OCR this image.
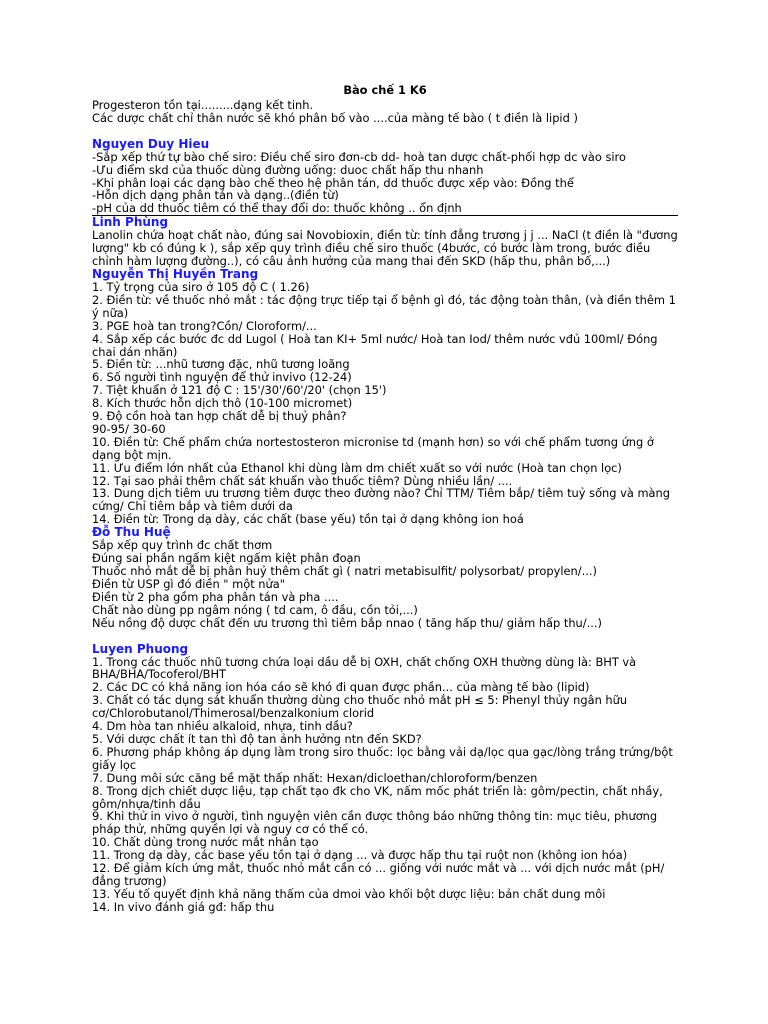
Bào chế 1 K6
Progesteron tồn tại.........dạng kết tinh.
Các dược chất chỉ thân nước sẽ khó phân bố vào ....của màng tế bào ( t điền là lipid )
Nguyen Duy Hieu
-Sắp xếp thứ tự bào chế siro: Điều chế siro đơn-cb dd- hoà tan dược chất-phối hợp dc vào siro
-Ưu điểm skd của thuốc dùng đường uống: duoc chất hấp thu nhanh
-Khi phân loại các dạng bào chế theo hệ phân tán, dd thuốc được xếp vào: Đồng thể
-Hỗn dịch dạng phân tán và dạng..(điền từ)
-pH của dd thuốc tiêm có thể thay đổi do: thuốc không .. ổn định
Linh Phùng
Lanolin chứa hoạt chất nào, đúng sai Novobioxin, điền từ: tính đẳng trương j j ... NaCl (t điền là "đương lượng" kb có đúng k ), sắp xếp quy trình điều chế siro thuốc (4bước, có bước làm trong, bước điều chỉnh hàm lượng đường..), có câu ảnh hưởng của mang thai đến SKD (hấp thu, phân bố,...)
Nguyễn Thị Huyền Trang
1. Tỷ trọng của siro ở 105 độ C ( 1.26)
2. Điền từ: về thuốc nhỏ mắt : tác động trực tiếp tại ổ bệnh gì đó, tác động toàn thân, (và điền thêm 1 ý nữa)
3. PGE hoà tan trong?Cồn/ Cloroform/...
4. Sắp xếp các bước đc dd Lugol ( Hoà tan KI+ 5ml nước/ Hoà tan Iod/ thêm nước vđủ 100ml/ Đóng chai dán nhãn)
5. Điền từ: ...nhũ tương đặc, nhũ tương loãng
6. Số người tình nguyện để thử invivo (12-24)
7. Tiệt khuẩn ở 121 độ C : 15'/30'/60'/20' (chọn 15')
8. Kích thước hỗn dịch thô (10-100 micromet)
9. Độ cồn hoà tan hợp chất dễ bị thuỷ phân?
90-95/ 30-60
10. Điền từ: Chế phẩm chứa nortestosteron micronise td (mạnh hơn) so với chế phẩm tương ứng ở dạng bột mịn.
11. Ưu điểm lớn nhất của Ethanol khi dùng làm dm chiết xuất so với nước (Hoà tan chọn lọc)
12. Tại sao phải thêm chất sát khuẩn vào thuốc tiêm? Dùng nhiều lần/ ....
13. Dung dịch tiêm ưu trương tiêm được theo đường nào? Chỉ TTM/ Tiêm bắp/ tiêm tuỷ sống và màng cứng/ Chỉ tiêm bắp và tiêm dưới da
14. Điền từ: Trong dạ dày, các chất (base yếu) tồn tại ở dạng không ion hoá
Đỗ Thu Huệ
Sắp xếp quy trình đc chất thơm
Đúng sai phần ngấm kiệt ngấm kiệt phân đoạn
Thuốc nhỏ mắt dễ bị phân huỷ thêm chất gì ( natri metabisulfit/ polysorbat/ propylen/...)
Điền từ USP gì đó điền " một nửa"
Điền từ 2 pha gồm pha phân tán và pha ....
Chất nào dùng pp ngâm nóng ( td cam, ô đầu, cồn tỏi,...)
Nếu nồng độ dược chất đến ưu trương thì tiêm bắp nnao ( tăng hấp thu/ giảm hấp thu/...)
Luyen Phuong
1. Trong các thuốc nhũ tương chứa loại dầu dễ bị OXH, chất chống OXH thường dùng là: BHT và BHA/BHA/Tocoferol/BHT
2. Các DC có khả năng ion hóa cáo sẽ khó đi quan được phần... của màng tế bào (lipid)
3. Chất có tác dụng sát khuẩn thường dùng cho thuốc nhỏ mắt pH ≤ 5: Phenyl thủy ngân hữu cơ/Chlorobutanol/Thimerosal/benzalkonium clorid
4. Dm hòa tan nhiều alkaloid, nhựa, tinh dầu?
5. Với dược chất ít tan thì độ tan ảnh hưởng ntn đến SKD?
6. Phương pháp không áp dụng làm trong siro thuốc: lọc bằng vải dạ/lọc qua gạc/lòng trắng trứng/bột giấy lọc
7. Dung môi sức căng bề mặt thấp nhất: Hexan/dicloethan/chloroform/benzen
8. Trong dịch chiết dược liệu, tạp chất tạo đk cho VK, nấm mốc phát triển là: gôm/pectin, chất nhầy, gôm/nhựa/tinh dầu
9. Khi thử in vivo ở người, tình nguyện viên cần được thông báo những thông tin: mục tiêu, phương pháp thử, những quyền lợi và nguy cơ có thể có.
10. Chất dùng trong nước mắt nhân tạo
11. Trong dạ dày, các base yếu tồn tại ở dạng ... và được hấp thu tại ruột non (không ion hóa)
12. Để giảm kích ứng mắt, thuốc nhỏ mắt cần có ... giống với nước mắt và ... với dịch nước mắt (pH/đẳng trương)
13. Yếu tố quyết định khả năng thấm của dmoi vào khối bột dược liệu: bản chất dung môi
14. In vivo đánh giá gđ: hấp thu
